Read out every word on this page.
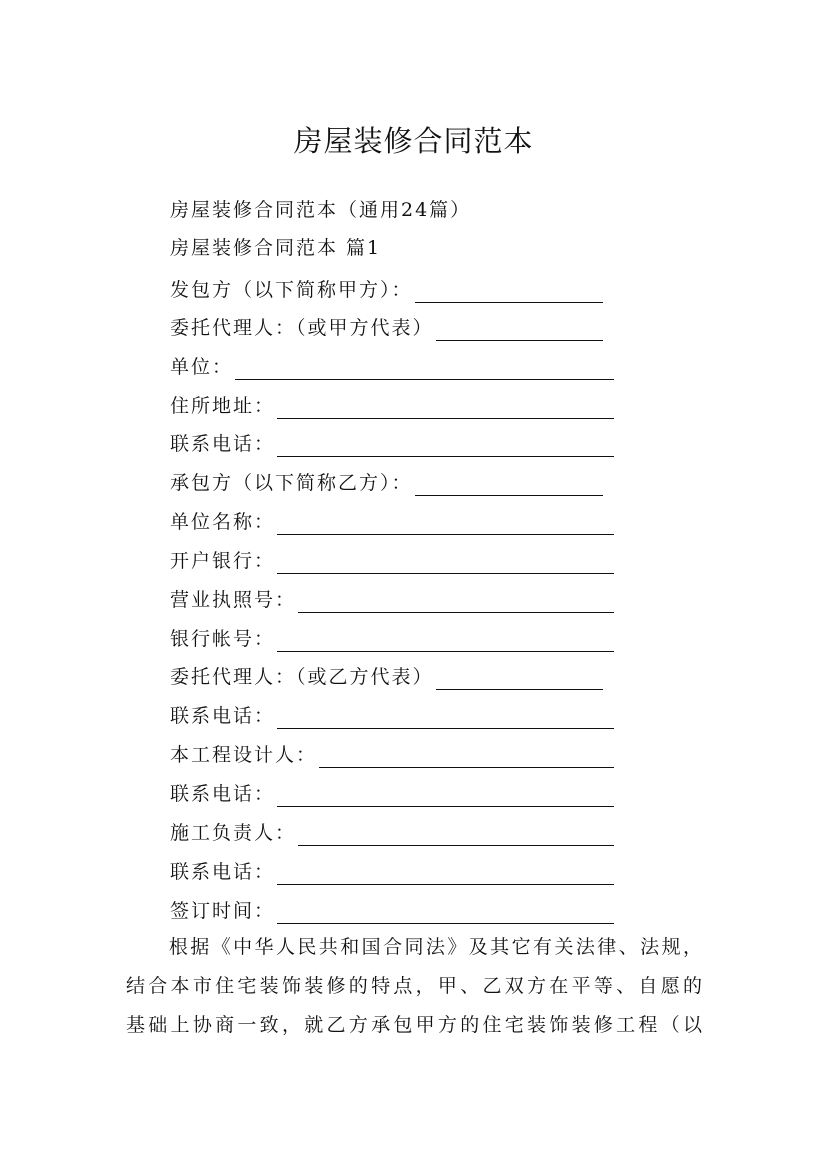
房屋装修合同范本
房屋装修合同范本（通用24篇）
房屋装修合同范本 篇1
发包方（以下简称甲方）：
委托代理人：（或甲方代表）
单位：
住所地址：
联系电话：
承包方（以下简称乙方）：
单位名称：
开户银行：
营业执照号：
银行帐号：
委托代理人：（或乙方代表）
联系电话：
本工程设计人：
联系电话：
施工负责人：
联系电话：
签订时间：
　　根据《中华人民共和国合同法》及其它有关法律、法规，
结合本市住宅装饰装修的特点，甲、乙双方在平等、自愿的
基础上协商一致，就乙方承包甲方的住宅装饰装修工程（以
